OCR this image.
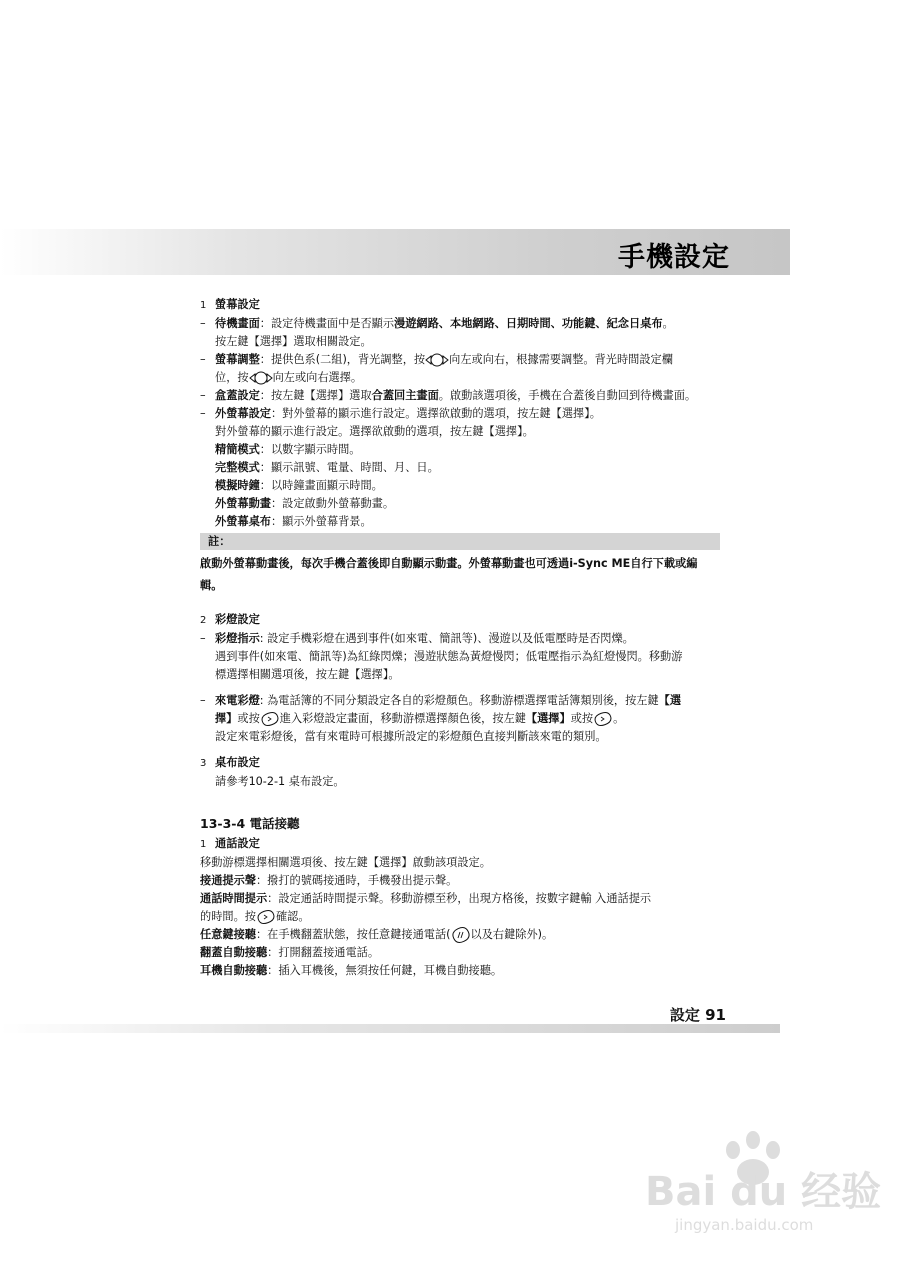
手機設定
1 螢幕設定
– 待機畫面：設定待機畫面中是否顯示漫遊網路、本地網路、日期時間、功能鍵、紀念日桌布。
按左鍵【選擇】選取相關設定。
– 螢幕調整：提供色系(二組)，背光調整，按 向左或向右，根據需要調整。背光時間設定欄
位，按 向左或向右選擇。
– 盒蓋設定：按左鍵【選擇】選取合蓋回主畫面。啟動該選項後，手機在合蓋後自動回到待機畫面。
– 外螢幕設定：對外螢幕的顯示進行設定。選擇欲啟動的選項，按左鍵【選擇】。
對外螢幕的顯示進行設定。選擇欲啟動的選項，按左鍵【選擇】。
精簡模式：以數字顯示時間。
完整模式：顯示訊號、電量、時間、月、日。
模擬時鐘：以時鐘畫面顯示時間。
外螢幕動畫：設定啟動外螢幕動畫。
外螢幕桌布：顯示外螢幕背景。
註：
啟動外螢幕動畫後，每次手機合蓋後即自動顯示動畫。外螢幕動畫也可透過i-Sync ME自行下載或編輯。
2 彩燈設定
– 彩燈指示: 設定手機彩燈在遇到事件(如來電、簡訊等)、漫遊以及低電壓時是否閃爍。
遇到事件(如來電、簡訊等)為紅綠閃爍；漫遊狀態為黃燈慢閃；低電壓指示為紅燈慢閃。移動游
標選擇相關選項後，按左鍵【選擇】。
– 來電彩燈: 為電話簿的不同分類設定各自的彩燈顏色。移動游標選擇電話簿類別後，按左鍵【選
擇】或按 進入彩燈設定畫面，移動游標選擇顏色後，按左鍵【選擇】或按 。
設定來電彩燈後，當有來電時可根據所設定的彩燈顏色直接判斷該來電的類別。
3 桌布設定
請參考10-2-1 桌布設定。
13-3-4 電話接聽
1 通話設定
移動游標選擇相關選項後、按左鍵【選擇】啟動該項設定。
接通提示聲：撥打的號碼接通時，手機發出提示聲。
通話時間提示：設定通話時間提示聲。移動游標至秒，出現方格後，按數字鍵輸 入通話提示
的時間。按 確認。
任意鍵接聽：在手機翻蓋狀態，按任意鍵接通電話( 以及右鍵除外)。
翻蓋自動接聽：打開翻蓋接通電話。
耳機自動接聽：插入耳機後，無須按任何鍵，耳機自動接聽。
設定 91
Bai du 经验
jingyan.baidu.com
